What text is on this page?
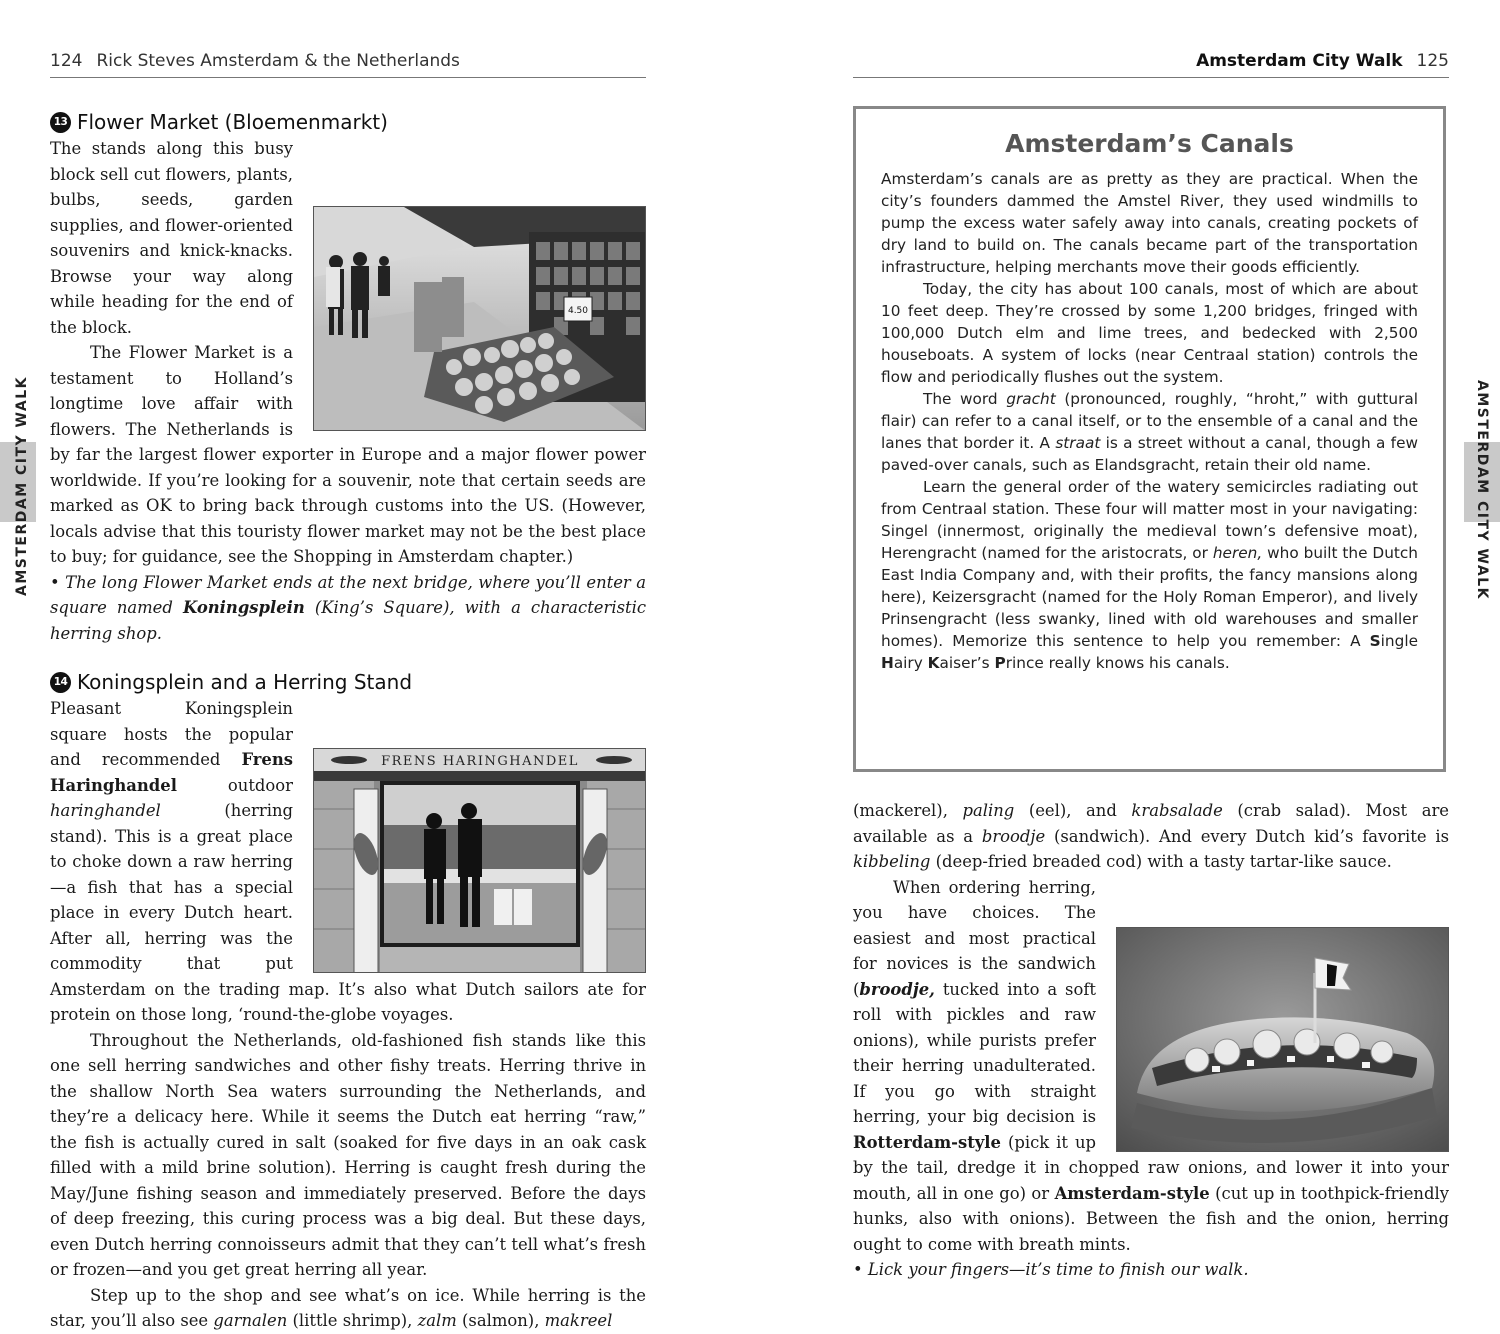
124 Rick Steves Amsterdam & the Netherlands
AMSTERDAM CITY WALK
13 Flower Market (Bloemenmarkt)
4.50

The stands along this busy block sell cut flowers, plants, bulbs, seeds, garden supplies, and flower-oriented souvenirs and knick-knacks. Browse your way along while heading for the end of the block.

The Flower Market is a testament to Holland’s longtime love affair with flowers. The Netherlands is by far the largest flower exporter in Europe and a major flower power worldwide. If you’re looking for a souvenir, note that certain seeds are marked as OK to bring back through customs into the US. (However, locals advise that this touristy flower market may not be the best place to buy; for guidance, see the Shopping in Amsterdam chapter.)

• The long Flower Market ends at the next bridge, where you’ll enter a square named Koningsplein (King’s Square), with a characteristic herring shop.

14 Koningsplein and a Herring Stand
FRENS HARINGHANDEL

Pleasant Koningsplein square hosts the popular and recommended Frens Haringhandel outdoor haringhandel (herring stand). This is a great place to choke down a raw herring—a fish that has a special place in every Dutch heart. After all, herring was the commodity that put Amsterdam on the trading map. It’s also what Dutch sailors ate for protein on those long, ‘round-the-globe voyages.

Throughout the Netherlands, old-fashioned fish stands like this one sell herring sandwiches and other fishy treats. Herring thrive in the shallow North Sea waters surrounding the Netherlands, and they’re a delicacy here. While it seems the Dutch eat herring “raw,” the fish is actually cured in salt (soaked for five days in an oak cask filled with a mild brine solution). Herring is caught fresh during the May/June fishing season and immediately preserved. Before the days of deep freezing, this curing process was a big deal. But these days, even Dutch herring connoisseurs admit that they can’t tell what’s fresh or frozen—and you get great herring all year.

Step up to the shop and see what’s on ice. While herring is the star, you’ll also see garnalen (little shrimp), zalm (salmon), makreel

Amsterdam City Walk 125
AMSTERDAM CITY WALK
Amsterdam’s Canals

Amsterdam’s canals are as pretty as they are practical. When the city’s founders dammed the Amstel River, they used windmills to pump the excess water safely away into canals, creating pockets of dry land to build on. The canals became part of the transportation infrastructure, helping merchants move their goods efficiently.

Today, the city has about 100 canals, most of which are about 10 feet deep. They’re crossed by some 1,200 bridges, fringed with 100,000 Dutch elm and lime trees, and bedecked with 2,500 houseboats. A system of locks (near Centraal station) controls the flow and periodically flushes out the system.

The word gracht (pronounced, roughly, “hroht,” with guttural flair) can refer to a canal itself, or to the ensemble of a canal and the lanes that border it. A straat is a street without a canal, though a few paved-over canals, such as Elandsgracht, retain their old name.

Learn the general order of the watery semicircles radiating out from Centraal station. These four will matter most in your navigating: Singel (innermost, originally the medieval town’s defensive moat), Herengracht (named for the aristocrats, or heren, who built the Dutch East India Company and, with their profits, the fancy mansions along here), Keizersgracht (named for the Holy Roman Emperor), and lively Prinsengracht (less swanky, lined with old warehouses and smaller homes). Memorize this sentence to help you remember: A Single Hairy Kaiser’s Prince really knows his canals.

(mackerel), paling (eel), and krabsalade (crab salad). Most are available as a broodje (sandwich). And every Dutch kid’s favorite is kibbeling (deep-fried breaded cod) with a tasty tartar-like sauce.

When ordering herring, you have choices. The easiest and most practical for novices is the sandwich (broodje, tucked into a soft roll with pickles and raw onions), while purists prefer their herring unadulterated. If you go with straight herring, your big decision is Rotterdam-style (pick it up by the tail, dredge it in chopped raw onions, and lower it into your mouth, all in one go) or Amsterdam-style (cut up in toothpick-friendly hunks, also with onions). Between the fish and the onion, herring ought to come with breath mints.

• Lick your fingers—it’s time to finish our walk.
